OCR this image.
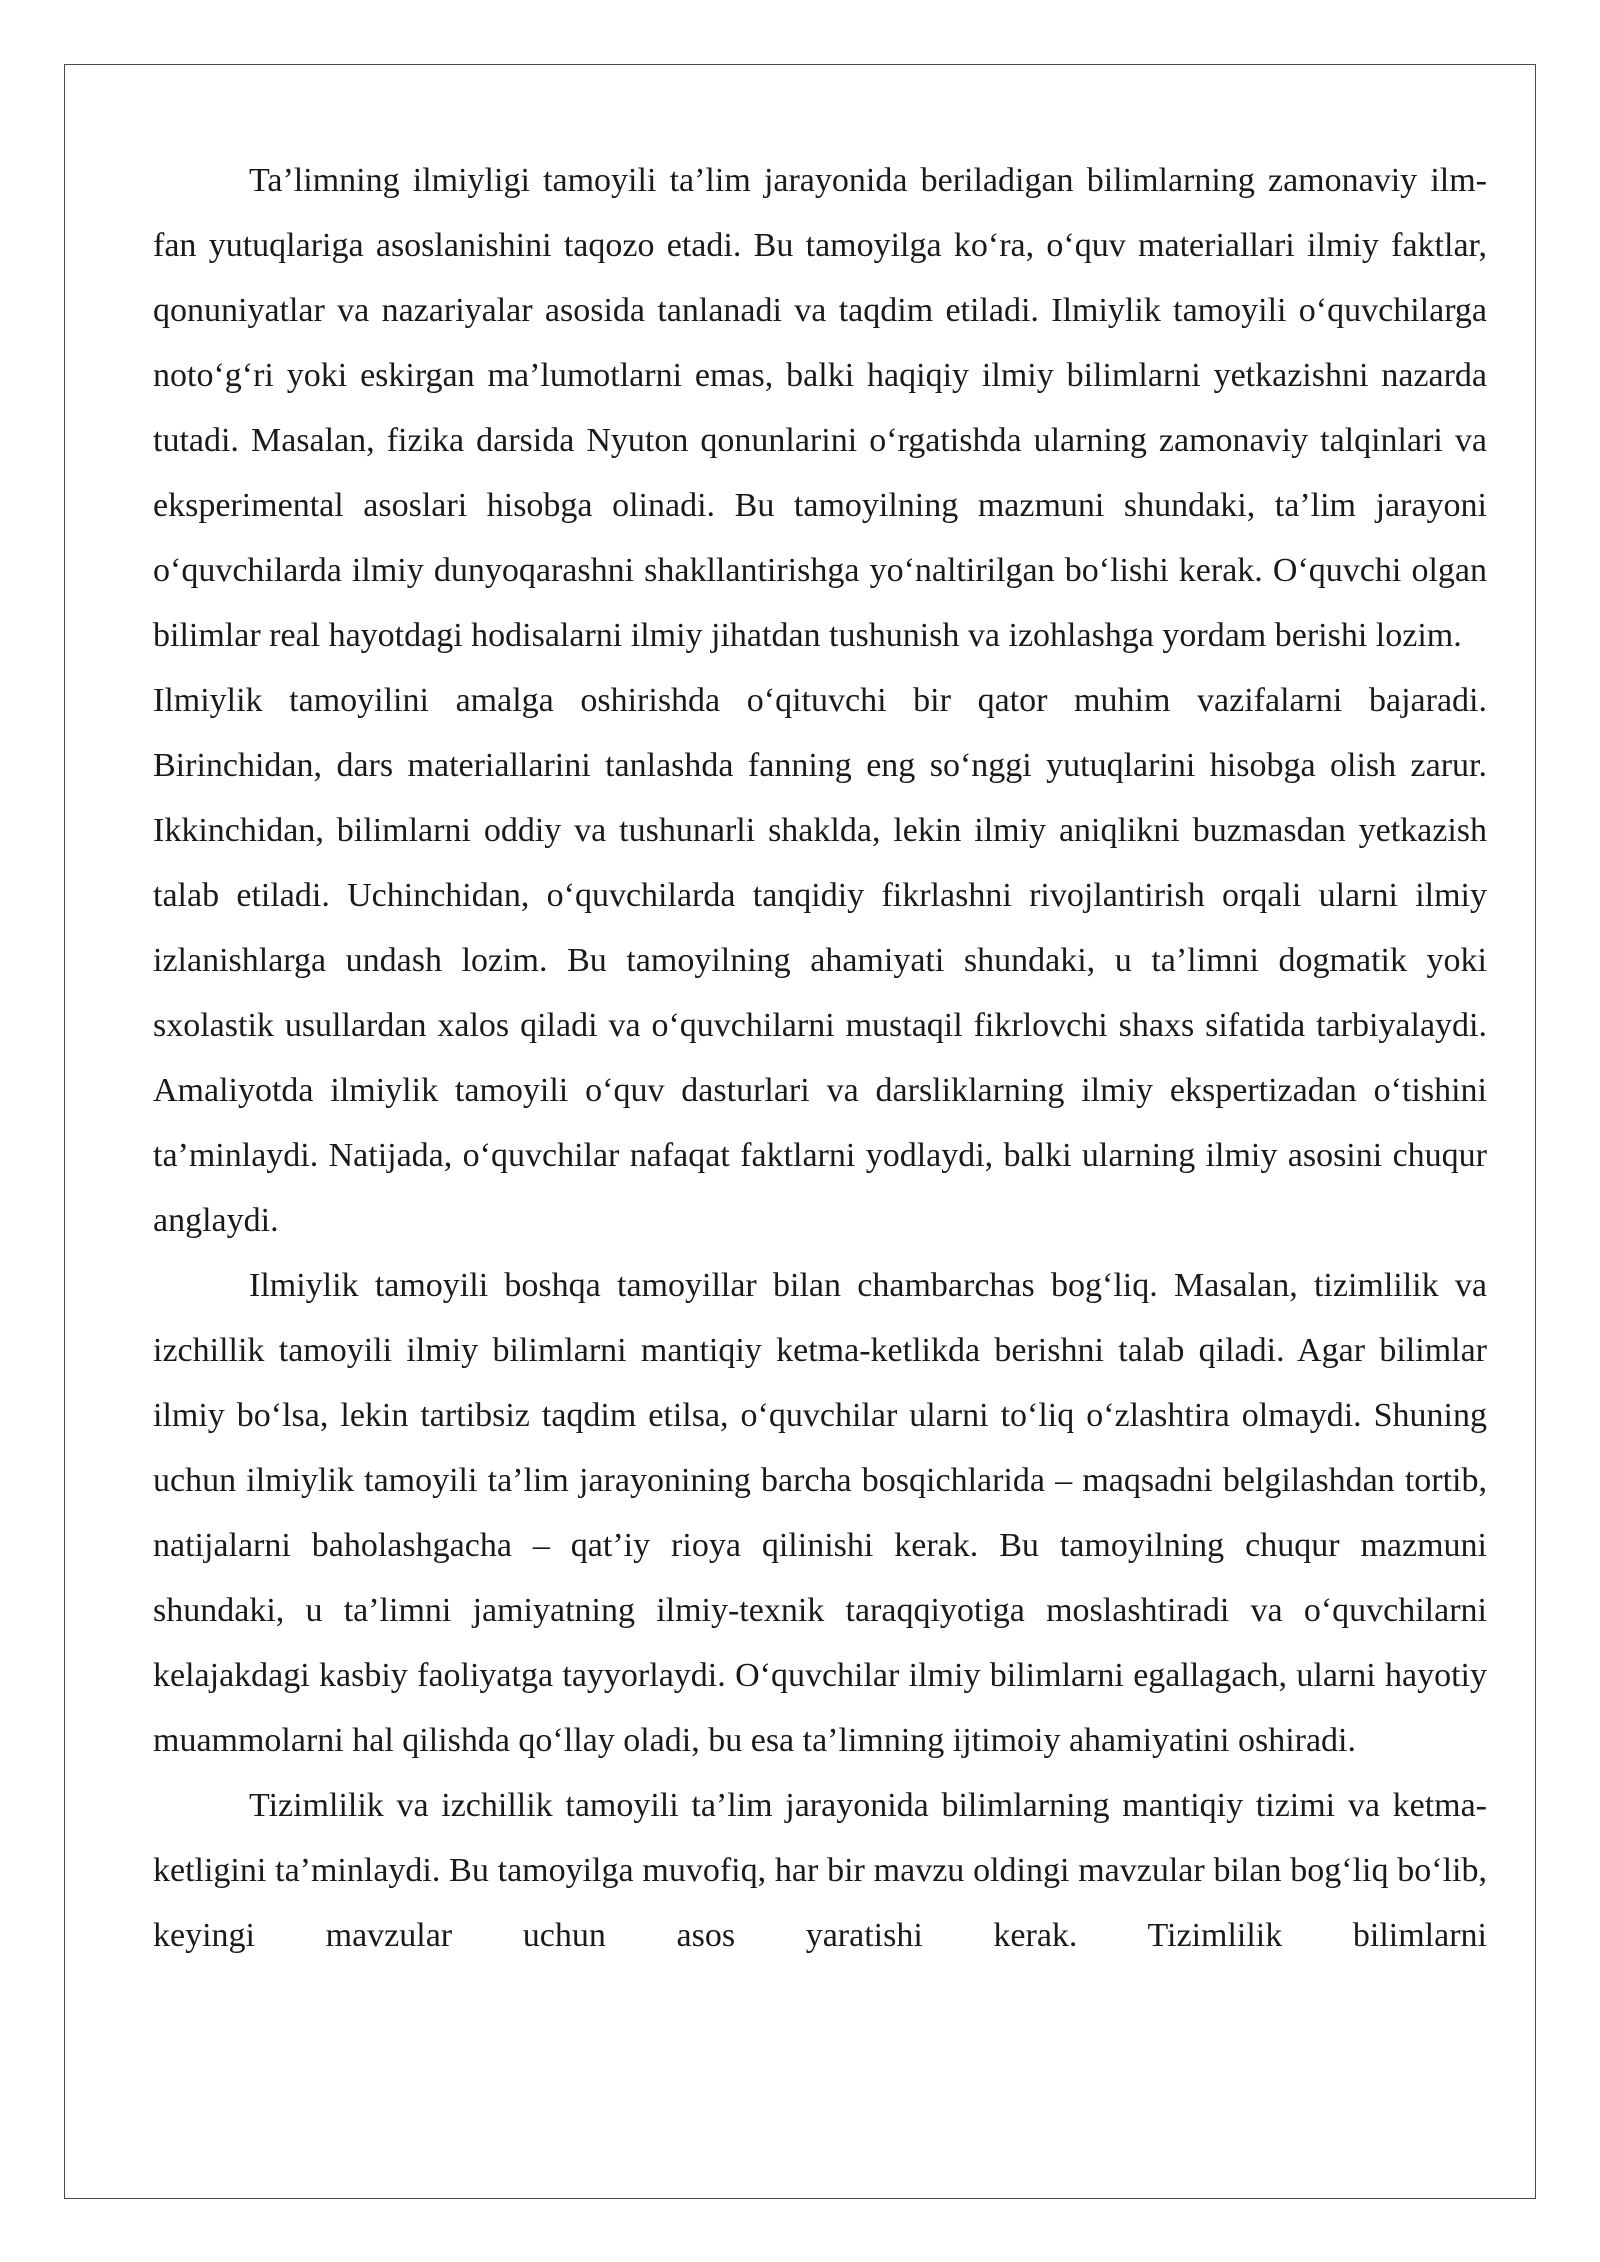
Ta’limning ilmiyligi tamoyili ta’lim jarayonida beriladigan bilimlarning zamonaviy ilm-fan yutuqlariga asoslanishini taqozo etadi. Bu tamoyilga ko‘ra, o‘quv materiallari ilmiy faktlar, qonuniyatlar va nazariyalar asosida tanlanadi va taqdim etiladi. Ilmiylik tamoyili o‘quvchilarga noto‘g‘ri yoki eskirgan ma’lumotlarni emas, balki haqiqiy ilmiy bilimlarni yetkazishni nazarda tutadi. Masalan, fizika darsida Nyuton qonunlarini o‘rgatishda ularning zamonaviy talqinlari va eksperimental asoslari hisobga olinadi. Bu tamoyilning mazmuni shundaki, ta’lim jarayoni o‘quvchilarda ilmiy dunyoqarashni shakllantirishga yo‘naltirilgan bo‘lishi kerak. O‘quvchi olgan bilimlar real hayotdagi hodisalarni ilmiy jihatdan tushunish va izohlashga yordam berishi lozim.

Ilmiylik tamoyilini amalga oshirishda o‘qituvchi bir qator muhim vazifalarni bajaradi. Birinchidan, dars materiallarini tanlashda fanning eng so‘nggi yutuqlarini hisobga olish zarur. Ikkinchidan, bilimlarni oddiy va tushunarli shaklda, lekin ilmiy aniqlikni buzmasdan yetkazish talab etiladi. Uchinchidan, o‘quvchilarda tanqidiy fikrlashni rivojlantirish orqali ularni ilmiy izlanishlarga undash lozim. Bu tamoyilning ahamiyati shundaki, u ta’limni dogmatik yoki sxolastik usullardan xalos qiladi va o‘quvchilarni mustaqil fikrlovchi shaxs sifatida tarbiyalaydi. Amaliyotda ilmiylik tamoyili o‘quv dasturlari va darsliklarning ilmiy ekspertizadan o‘tishini ta’minlaydi. Natijada, o‘quvchilar nafaqat faktlarni yodlaydi, balki ularning ilmiy asosini chuqur anglaydi.

Ilmiylik tamoyili boshqa tamoyillar bilan chambarchas bog‘liq. Masalan, tizimlilik va izchillik tamoyili ilmiy bilimlarni mantiqiy ketma-ketlikda berishni talab qiladi. Agar bilimlar ilmiy bo‘lsa, lekin tartibsiz taqdim etilsa, o‘quvchilar ularni to‘liq o‘zlashtira olmaydi. Shuning uchun ilmiylik tamoyili ta’lim jarayonining barcha bosqichlarida – maqsadni belgilashdan tortib, natijalarni baholashgacha – qat’iy rioya qilinishi kerak. Bu tamoyilning chuqur mazmuni shundaki, u ta’limni jamiyatning ilmiy-texnik taraqqiyotiga moslashtiradi va o‘quvchilarni kelajakdagi kasbiy faoliyatga tayyorlaydi. O‘quvchilar ilmiy bilimlarni egallagach, ularni hayotiy muammolarni hal qilishda qo‘llay oladi, bu esa ta’limning ijtimoiy ahamiyatini oshiradi.

Tizimlilik va izchillik tamoyili ta’lim jarayonida bilimlarning mantiqiy tizimi va ketma-ketligini ta’minlaydi. Bu tamoyilga muvofiq, har bir mavzu oldingi mavzular bilan bog‘liq bo‘lib, keyingi mavzular uchun asos yaratishi kerak. Tizimlilik bilimlarni
